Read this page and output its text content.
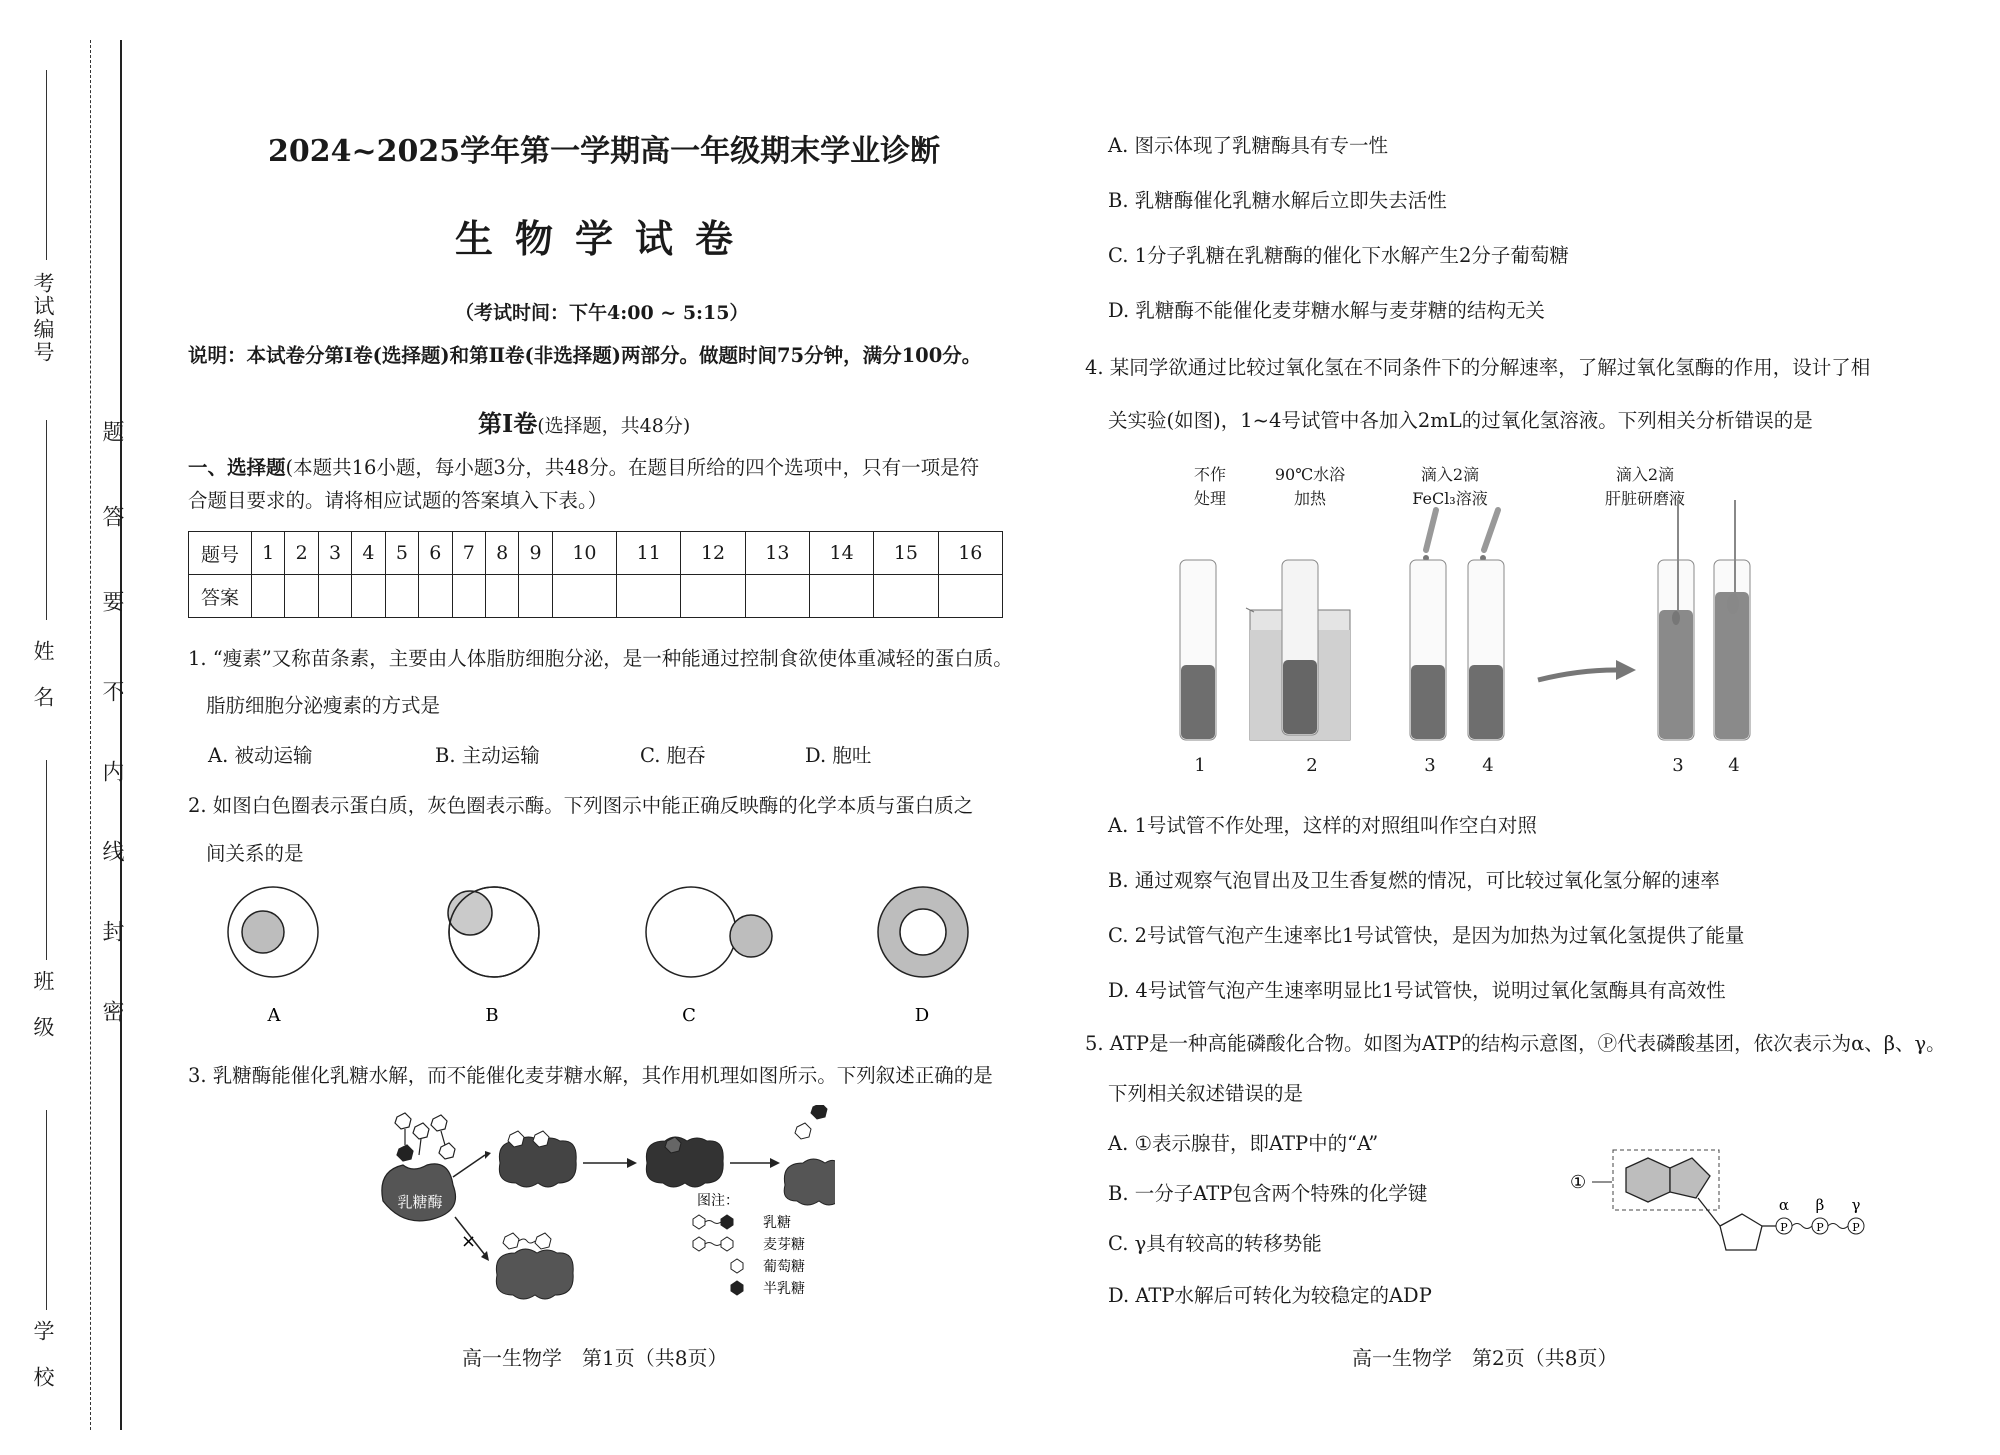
考试编号
姓　名
班　级
学　校
密
封
线
内
不
要
答
题
2024~2025学年第一学期高一年级期末学业诊断
生物学试卷
（考试时间：下午4:00 ~ 5:15）
说明：本试卷分第Ⅰ卷(选择题)和第Ⅱ卷(非选择题)两部分。做题时间75分钟，满分100分。
第Ⅰ卷(选择题，共48分)
一、选择题(本题共16小题，每小题3分，共48分。在题目所给的四个选项中，只有一项是符
合题目要求的。请将相应试题的答案填入下表。）
题号	1	2	3	4	5	6	7	8	9	10	11	12	13	14	15	16
答案																
1. “瘦素”又称苗条素，主要由人体脂肪细胞分泌，是一种能通过控制食欲使体重减轻的蛋白质。
脂肪细胞分泌瘦素的方式是
A. 被动运输	B. 主动运输	C. 胞吞	D. 胞吐
2. 如图白色圈表示蛋白质，灰色圈表示酶。下列图示中能正确反映酶的化学本质与蛋白质之
间关系的是
A	B	C	D
3. 乳糖酶能催化乳糖水解，而不能催化麦芽糖水解，其作用机理如图所示。下列叙述正确的是
乳糖酶
×
图注：
乳糖
麦芽糖
葡萄糖
半乳糖
高一生物学　第1页（共8页）
A. 图示体现了乳糖酶具有专一性
B. 乳糖酶催化乳糖水解后立即失去活性
C. 1分子乳糖在乳糖酶的催化下水解产生2分子葡萄糖
D. 乳糖酶不能催化麦芽糖水解与麦芽糖的结构无关
4. 某同学欲通过比较过氧化氢在不同条件下的分解速率，了解过氧化氢酶的作用，设计了相
关实验(如图)，1~4号试管中各加入2mL的过氧化氢溶液。下列相关分析错误的是
不作
处理
90℃水浴
加热
滴入2滴
FeCl₃溶液
滴入2滴
肝脏研磨液
1	2	3	4	3 4
A. 1号试管不作处理，这样的对照组叫作空白对照
B. 通过观察气泡冒出及卫生香复燃的情况，可比较过氧化氢分解的速率
C. 2号试管气泡产生速率比1号试管快，是因为加热为过氧化氢提供了能量
D. 4号试管气泡产生速率明显比1号试管快，说明过氧化氢酶具有高效性
5. ATP是一种高能磷酸化合物。如图为ATP的结构示意图，Ⓟ代表磷酸基团，依次表示为α、β、γ。
下列相关叙述错误的是
A. ①表示腺苷，即ATP中的“A”
B. 一分子ATP包含两个特殊的化学键
C. γ具有较高的转移势能
D. ATP水解后可转化为较稳定的ADP
①
P
α
P
β
P
γ
高一生物学　第2页（共8页）
